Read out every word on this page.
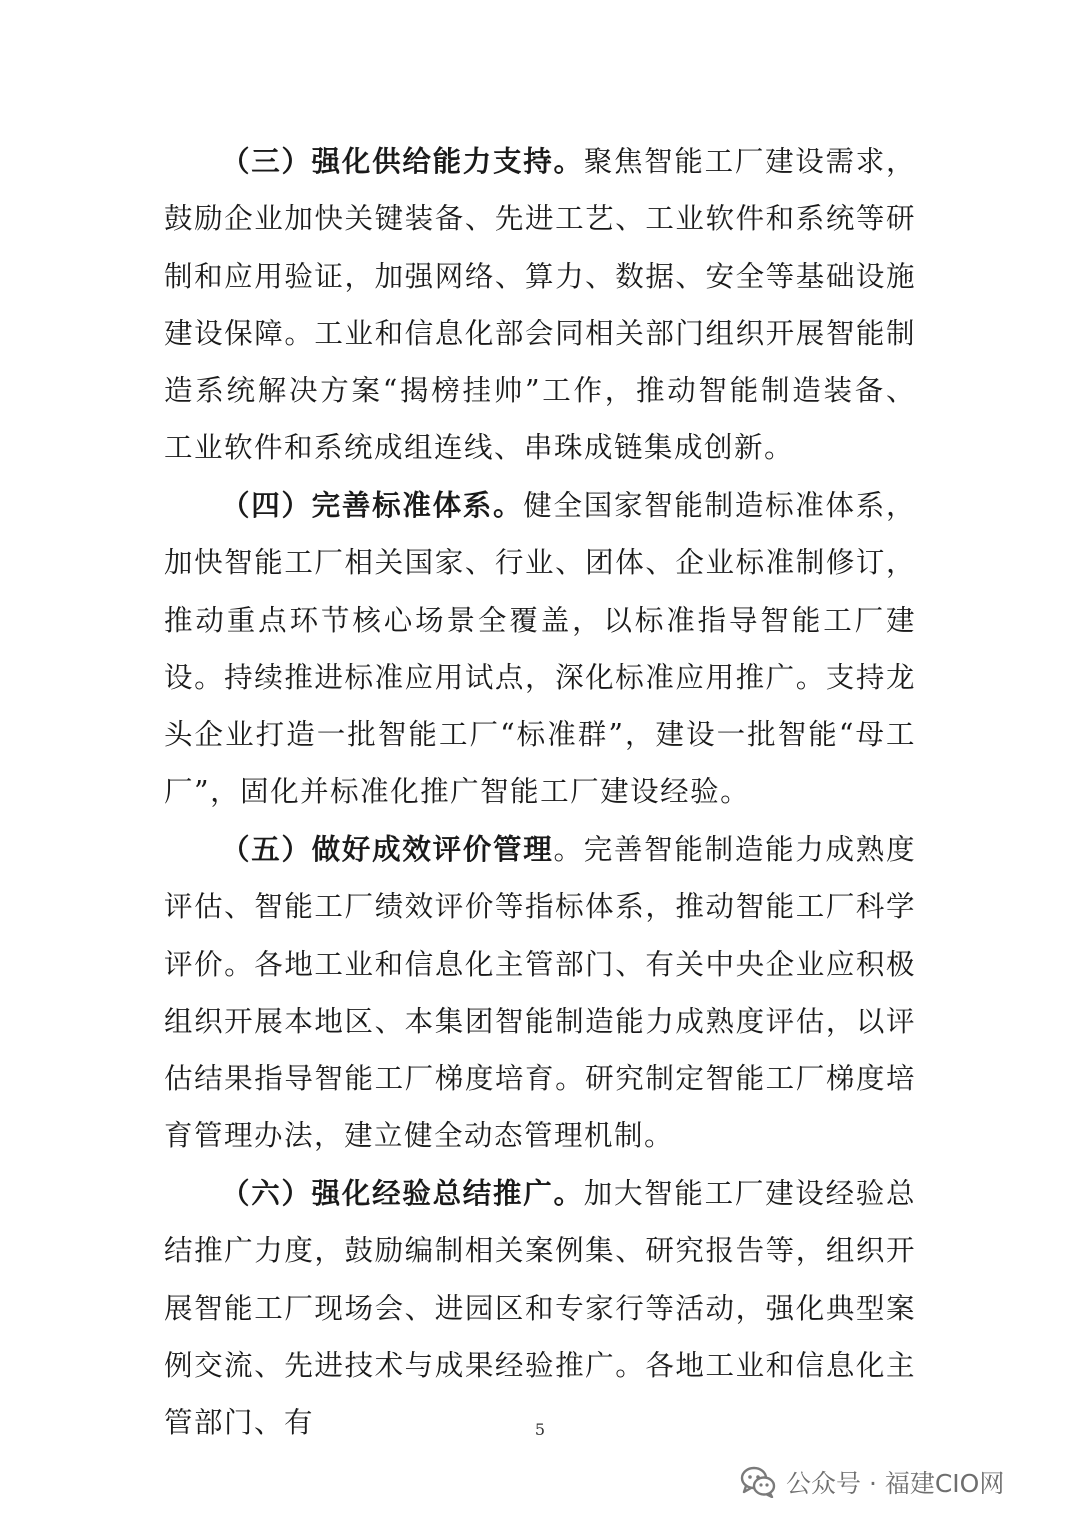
（三）强化供给能力支持。聚焦智能工厂建设需求，鼓励企业加快关键装备、先进工艺、工业软件和系统等研制和应用验证，加强网络、算力、数据、安全等基础设施建设保障。工业和信息化部会同相关部门组织开展智能制造系统解决方案“揭榜挂帅”工作，推动智能制造装备、工业软件和系统成组连线、串珠成链集成创新。

（四）完善标准体系。健全国家智能制造标准体系，加快智能工厂相关国家、行业、团体、企业标准制修订，推动重点环节核心场景全覆盖，以标准指导智能工厂建设。持续推进标准应用试点，深化标准应用推广。支持龙头企业打造一批智能工厂“标准群”，建设一批智能“母工厂”，固化并标准化推广智能工厂建设经验。

（五）做好成效评价管理。完善智能制造能力成熟度评估、智能工厂绩效评价等指标体系，推动智能工厂科学评价。各地工业和信息化主管部门、有关中央企业应积极组织开展本地区、本集团智能制造能力成熟度评估，以评估结果指导智能工厂梯度培育。研究制定智能工厂梯度培育管理办法，建立健全动态管理机制。

（六）强化经验总结推广。加大智能工厂建设经验总结推广力度，鼓励编制相关案例集、研究报告等，组织开展智能工厂现场会、进园区和专家行等活动，强化典型案例交流、先进技术与成果经验推广。各地工业和信息化主管部门、有	5
公众号 · 福建CIO网
